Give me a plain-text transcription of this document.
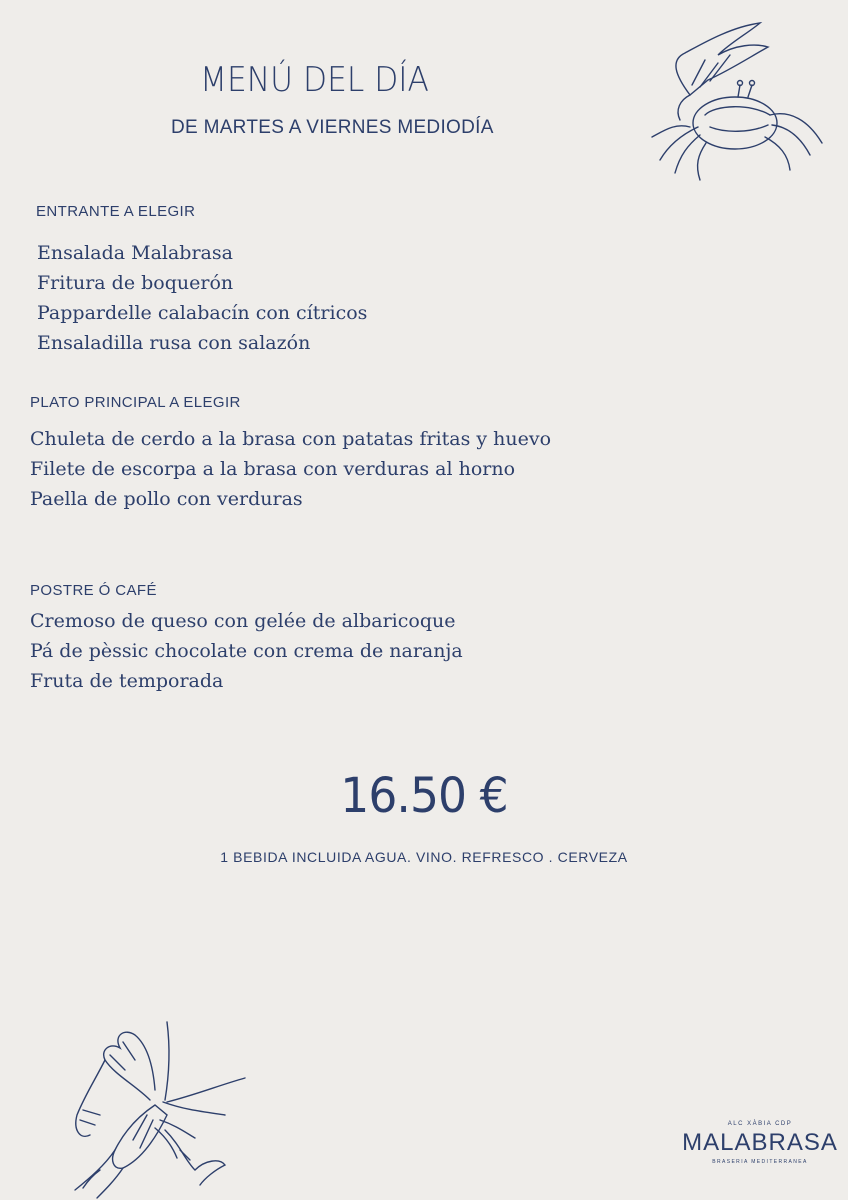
MENÚ DEL DÍA
DE MARTES A VIERNES MEDIODÍA
ENTRANTE A ELEGIR
Ensalada Malabrasa
Fritura de boquerón
Pappardelle calabacín con cítricos
Ensaladilla rusa con salazón
PLATO PRINCIPAL A ELEGIR
Chuleta de cerdo a la brasa con patatas fritas y huevo
Filete de escorpa a la brasa con verduras al horno
Paella de pollo con verduras
POSTRE Ó CAFÉ
Cremoso de queso con gelée de albaricoque
Pá de pèssic chocolate con crema de naranja
Fruta de temporada
16.50 €
1 BEBIDA INCLUIDA AGUA. VINO. REFRESCO . CERVEZA
ALC XÀBIA CDP
MALABRASA
BRASERIA MEDITERRANEA
